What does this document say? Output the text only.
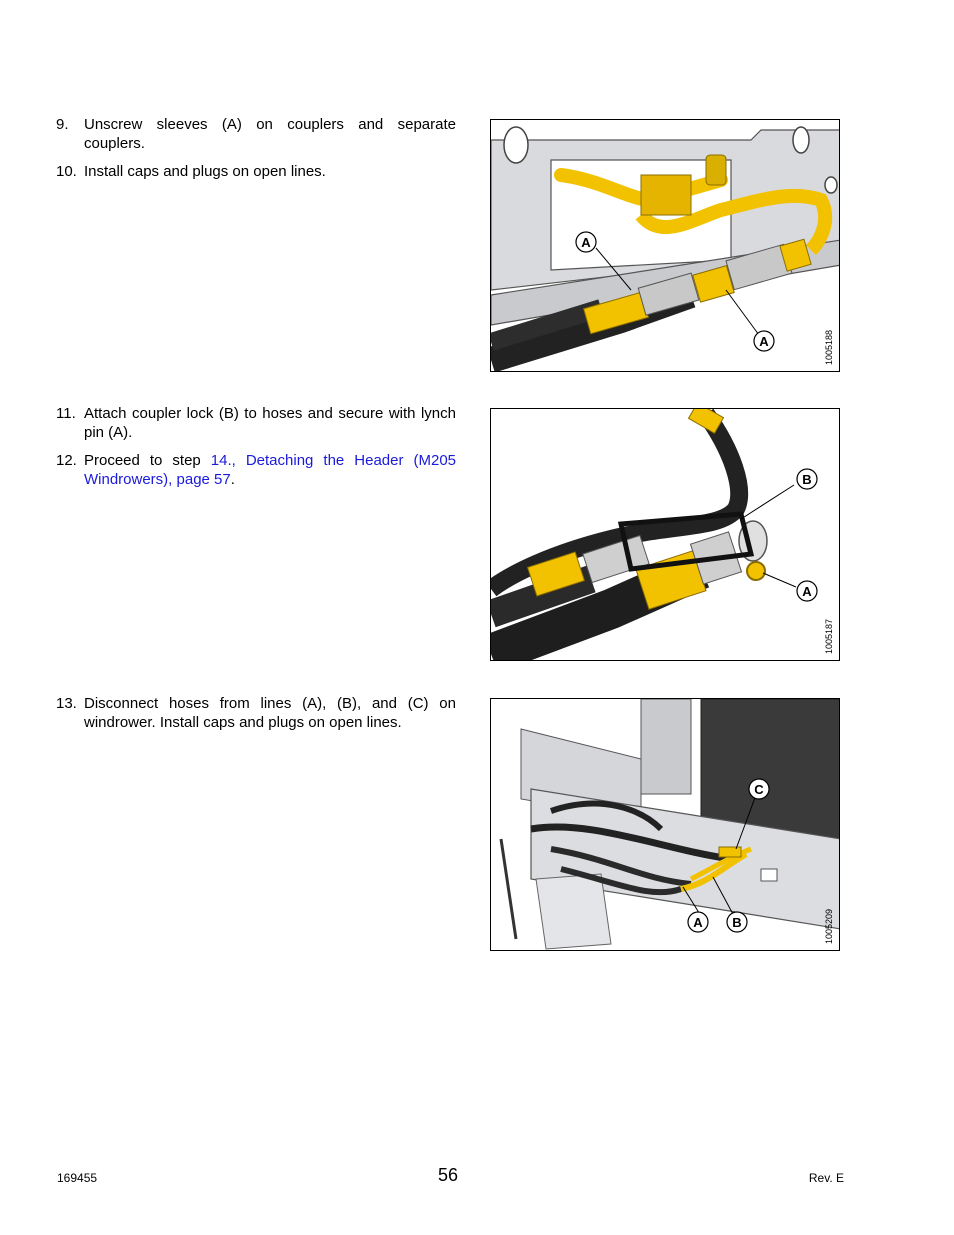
9. Unscrew sleeves (A) on couplers and separate couplers.
10. Install caps and plugs on open lines.
A
A	1005188
11. Attach coupler lock (B) to hoses and secure with lynch pin (A).
12. Proceed to step 14., Detaching the Header (M205 Windrowers), page 57.	B
A
1005187
13. Disconnect hoses from lines (A), (B), and (C) on windrower. Install caps and plugs on open lines.
C
A B	1005209
169455	56	Rev. E
